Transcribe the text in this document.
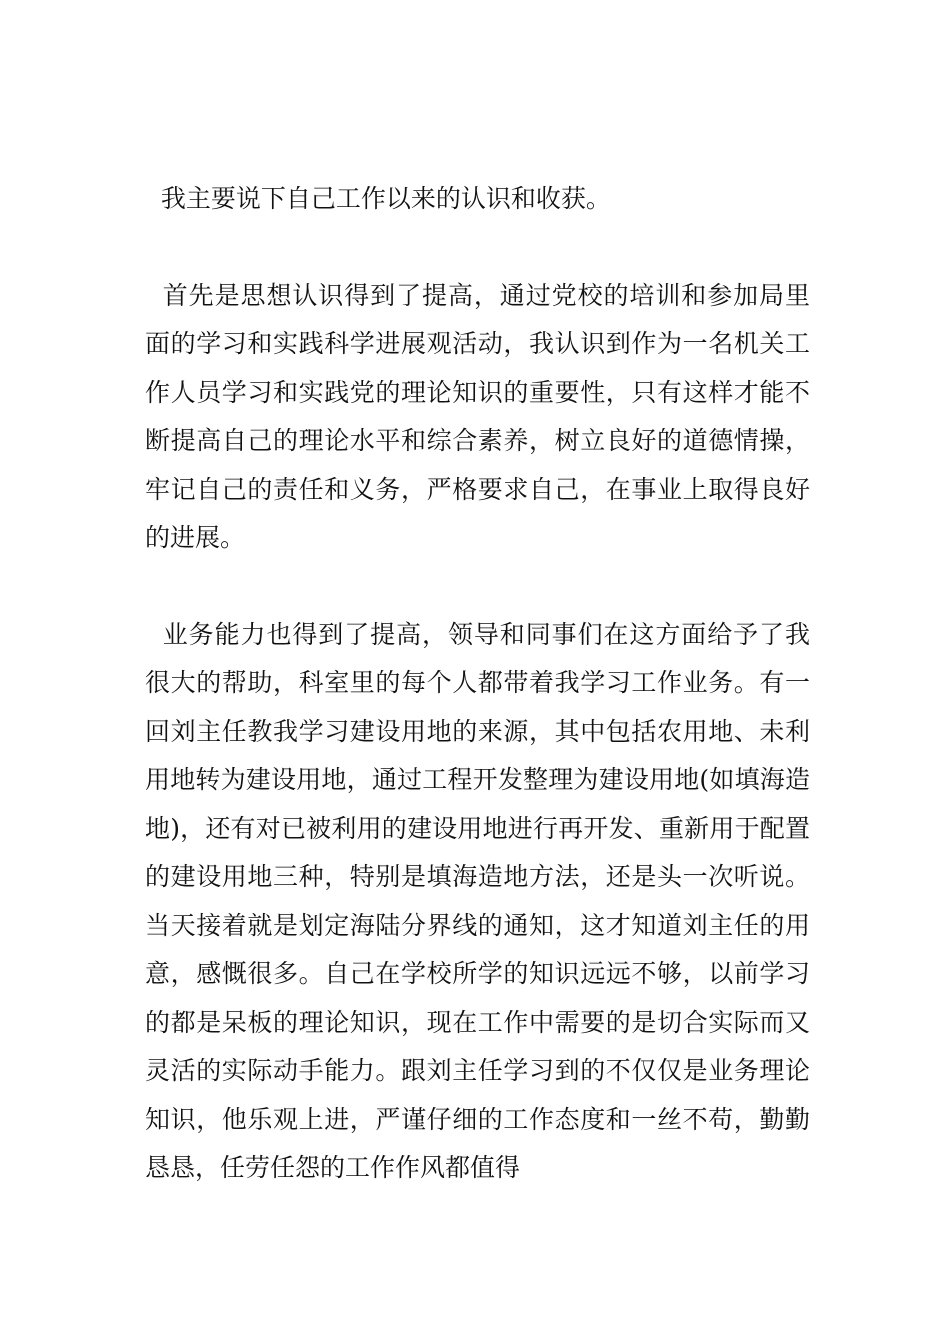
我主要说下自己工作以来的认识和收获。

首先是思想认识得到了提高，通过党校的培训和参加局里面的学习和实践科学进展观活动，我认识到作为一名机关工作人员学习和实践党的理论知识的重要性，只有这样才能不断提高自己的理论水平和综合素养，树立良好的道德情操，牢记自己的责任和义务，严格要求自己，在事业上取得良好的进展。

业务能力也得到了提高，领导和同事们在这方面给予了我很大的帮助，科室里的每个人都带着我学习工作业务。有一回刘主任教我学习建设用地的来源，其中包括农用地、未利用地转为建设用地，通过工程开发整理为建设用地(如填海造地)，还有对已被利用的建设用地进行再开发、重新用于配置的建设用地三种，特别是填海造地方法，还是头一次听说。当天接着就是划定海陆分界线的通知，这才知道刘主任的用意，感慨很多。自己在学校所学的知识远远不够，以前学习的都是呆板的理论知识，现在工作中需要的是切合实际而又灵活的实际动手能力。跟刘主任学习到的不仅仅是业务理论知识，他乐观上进，严谨仔细的工作态度和一丝不苟，勤勤恳恳，任劳任怨的工作作风都值得
